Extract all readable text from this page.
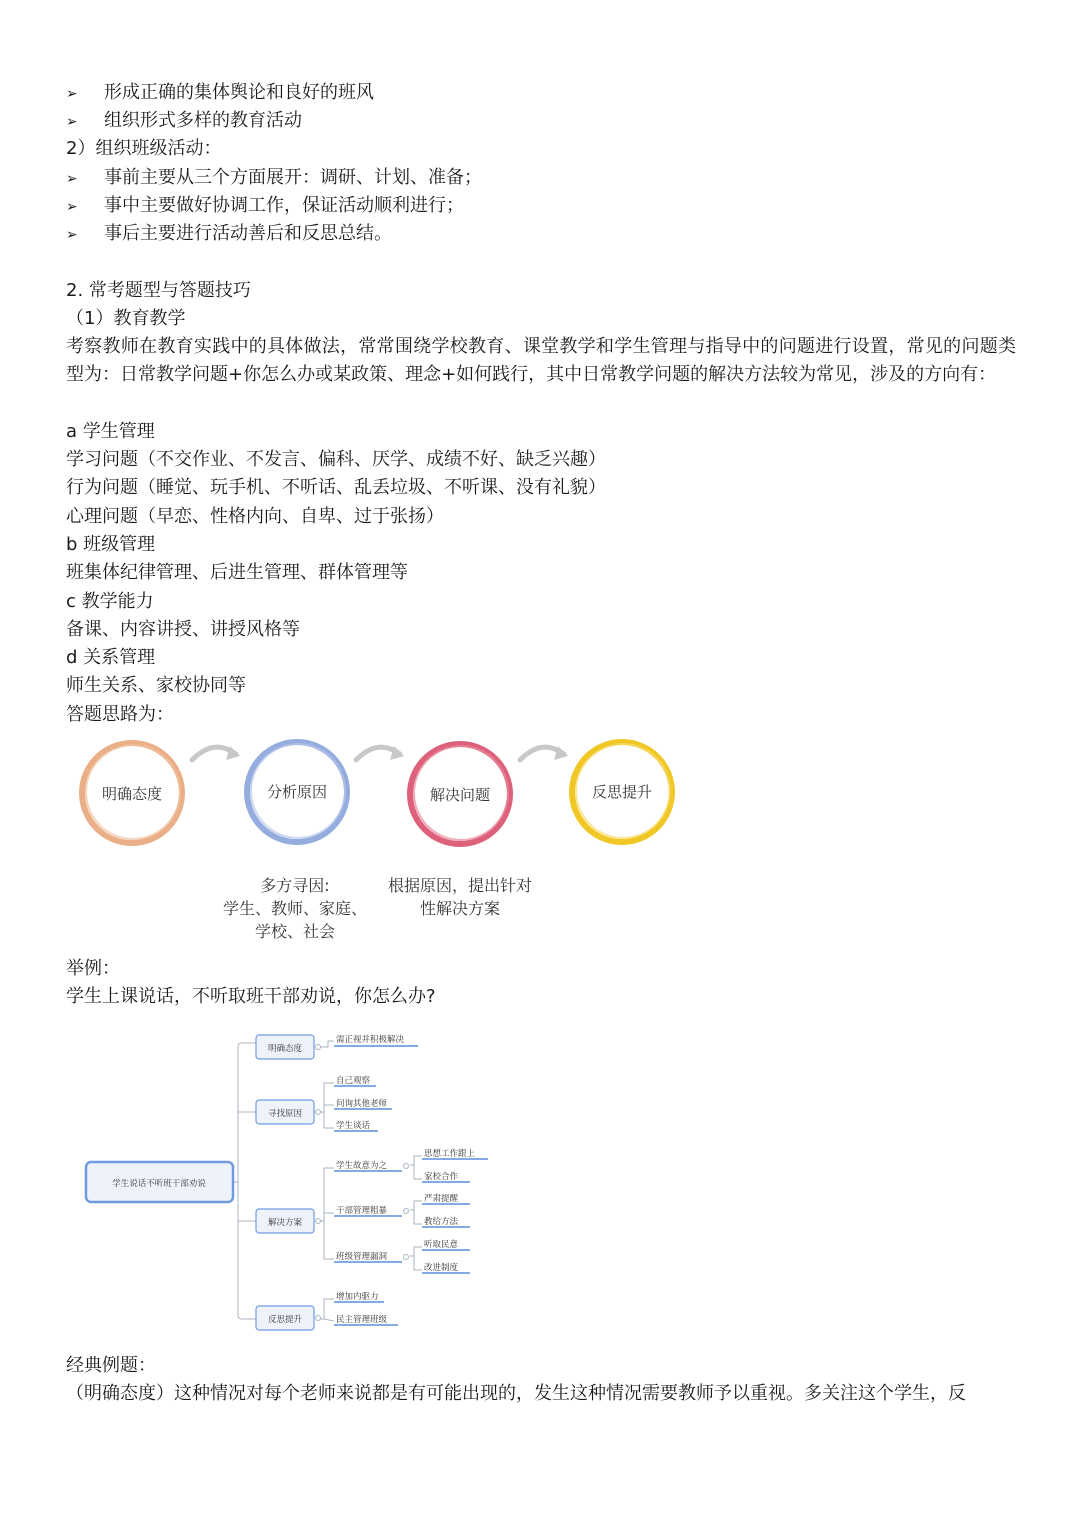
➢ 形成正确的集体舆论和良好的班风
➢ 组织形式多样的教育活动
2）组织班级活动：
➢ 事前主要从三个方面展开：调研、计划、准备；
➢ 事中主要做好协调工作，保证活动顺利进行；
➢ 事后主要进行活动善后和反思总结。
2. 常考题型与答题技巧
（1）教育教学
考察教师在教育实践中的具体做法，常常围绕学校教育、课堂教学和学生管理与指导中的问题进行设置，常见的问题类型为：日常教学问题+你怎么办或某政策、理念+如何践行，其中日常教学问题的解决方法较为常见，涉及的方向有：
a 学生管理
学习问题（不交作业、不发言、偏科、厌学、成绩不好、缺乏兴趣）
行为问题（睡觉、玩手机、不听话、乱丢垃圾、不听课、没有礼貌）
心理问题（早恋、性格内向、自卑、过于张扬）
b 班级管理
班集体纪律管理、后进生管理、群体管理等
c 教学能力
备课、内容讲授、讲授风格等
d 关系管理
师生关系、家校协同等
答题思路为：
明确态度	分析原因	解决问题	反思提升
多方寻因:
学生、教师、家庭、
学校、社会
根据原因，提出针对
性解决方案
举例：
学生上课说话，不听取班干部劝说，你怎么办?
学生说话不听班干部劝说
明确态度
寻找原因
解决方案
反思提升
需正视并积极解决
自己观察
问询其他老师
学生谈话
学生故意为之
干部管理粗暴
班级管理漏洞
思想工作跟上
家校合作
严肃提醒
教给方法
听取民意
改进制度
增加内驱力
民主管理班级
经典例题：
（明确态度）这种情况对每个老师来说都是有可能出现的，发生这种情况需要教师予以重视。多关注这个学生，反
